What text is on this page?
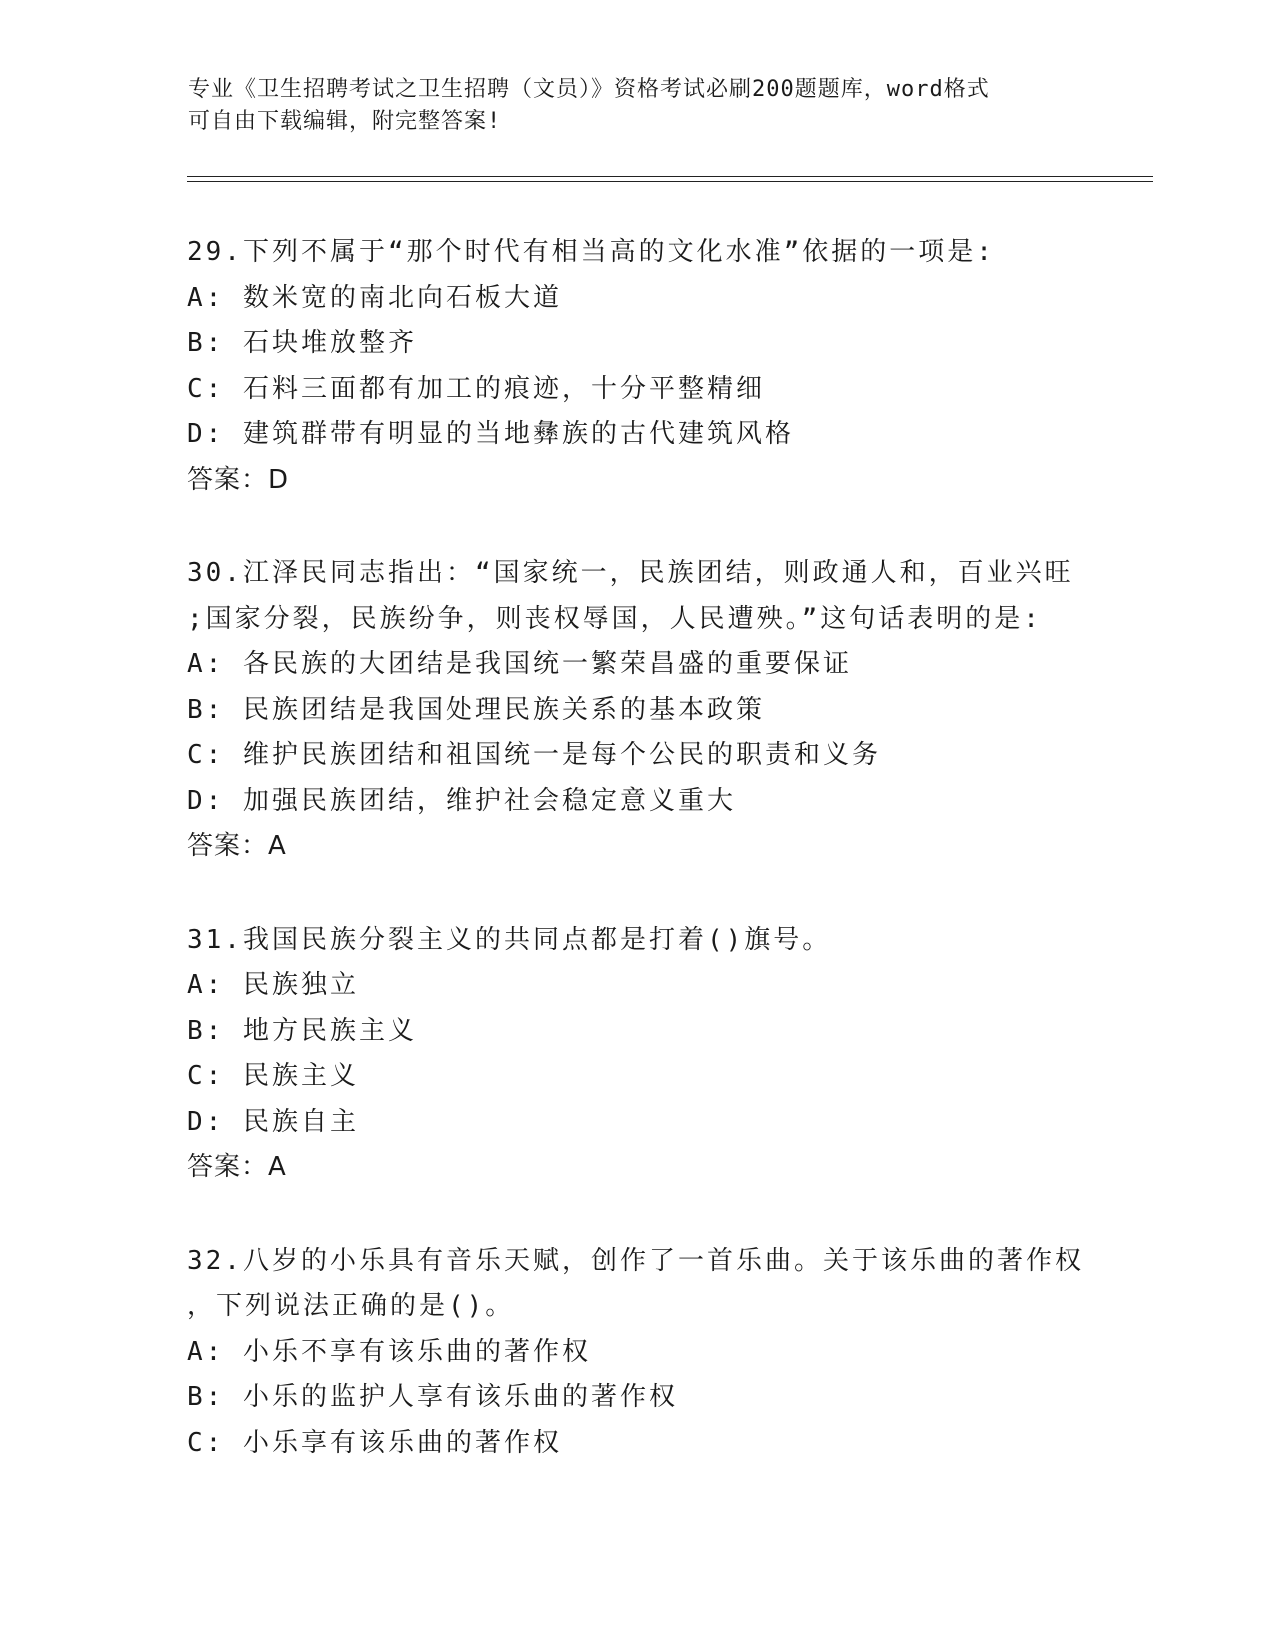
专业《卫生招聘考试之卫生招聘（文员）》资格考试必刷200题题库，word格式

可自由下载编辑，附完整答案!

29.下列不属于“那个时代有相当高的文化水准”依据的一项是:
A: 数米宽的南北向石板大道
B: 石块堆放整齐
C: 石料三面都有加工的痕迹，十分平整精细
D: 建筑群带有明显的当地彝族的古代建筑风格
答案：D
30.江泽民同志指出：“国家统一，民族团结，则政通人和，百业兴旺
;国家分裂，民族纷争，则丧权辱国，人民遭殃。”这句话表明的是:
A: 各民族的大团结是我国统一繁荣昌盛的重要保证
B: 民族团结是我国处理民族关系的基本政策
C: 维护民族团结和祖国统一是每个公民的职责和义务
D: 加强民族团结，维护社会稳定意义重大
答案：A
31.我国民族分裂主义的共同点都是打着()旗号。
A: 民族独立
B: 地方民族主义
C: 民族主义
D: 民族自主
答案：A
32.八岁的小乐具有音乐天赋，创作了一首乐曲。关于该乐曲的著作权
，下列说法正确的是()。
A: 小乐不享有该乐曲的著作权
B: 小乐的监护人享有该乐曲的著作权
C: 小乐享有该乐曲的著作权
